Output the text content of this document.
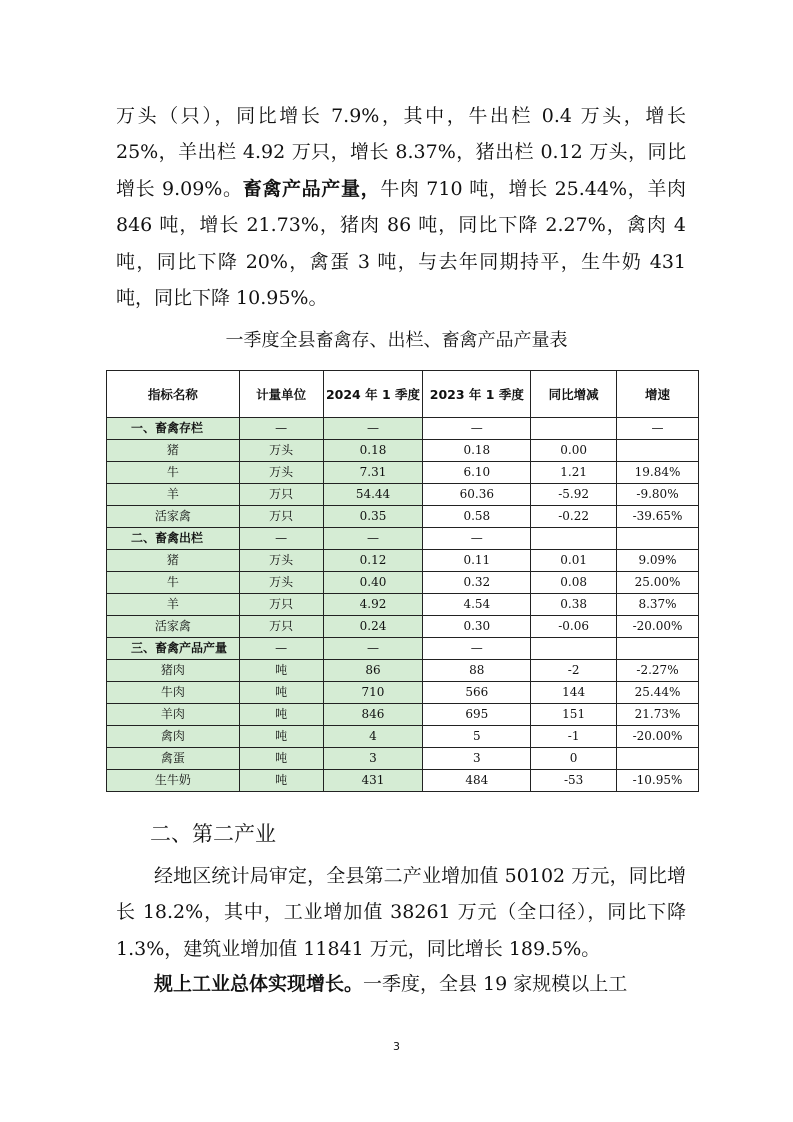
万头（只），同比增长 7.9%，其中，牛出栏 0.4 万头，增长 25%，羊出栏 4.92 万只，增长 8.37%，猪出栏 0.12 万头，同比增长 9.09%。畜禽产品产量，牛肉 710 吨，增长 25.44%，羊肉 846 吨，增长 21.73%，猪肉 86 吨，同比下降 2.27%，禽肉 4 吨，同比下降 20%，禽蛋 3 吨，与去年同期持平，生牛奶 431 吨，同比下降 10.95%。

一季度全县畜禽存、出栏、畜禽产品产量表
指标名称	计量单位	2024 年 1 季度	2023 年 1 季度	同比增减	增速
一、畜禽存栏	—	—	—		—
猪	万头	0.18	0.18	0.00	
牛	万头	7.31	6.10	1.21	19.84%
羊	万只	54.44	60.36	-5.92	-9.80%
活家禽	万只	0.35	0.58	-0.22	-39.65%
二、畜禽出栏	—	—	—		
猪	万头	0.12	0.11	0.01	9.09%
牛	万头	0.40	0.32	0.08	25.00%
羊	万只	4.92	4.54	0.38	8.37%
活家禽	万只	0.24	0.30	-0.06	-20.00%
三、畜禽产品产量	—	—	—		
猪肉	吨	86	88	-2	-2.27%
牛肉	吨	710	566	144	25.44%
羊肉	吨	846	695	151	21.73%
禽肉	吨	4	5	-1	-20.00%
禽蛋	吨	3	3	0	
生牛奶	吨	431	484	-53	-10.95%
二、第二产业

经地区统计局审定，全县第二产业增加值 50102 万元，同比增长 18.2%，其中，工业增加值 38261 万元（全口径），同比下降 1.3%，建筑业增加值 11841 万元，同比增长 189.5%。

规上工业总体实现增长。一季度，全县 19 家规模以上工

3
